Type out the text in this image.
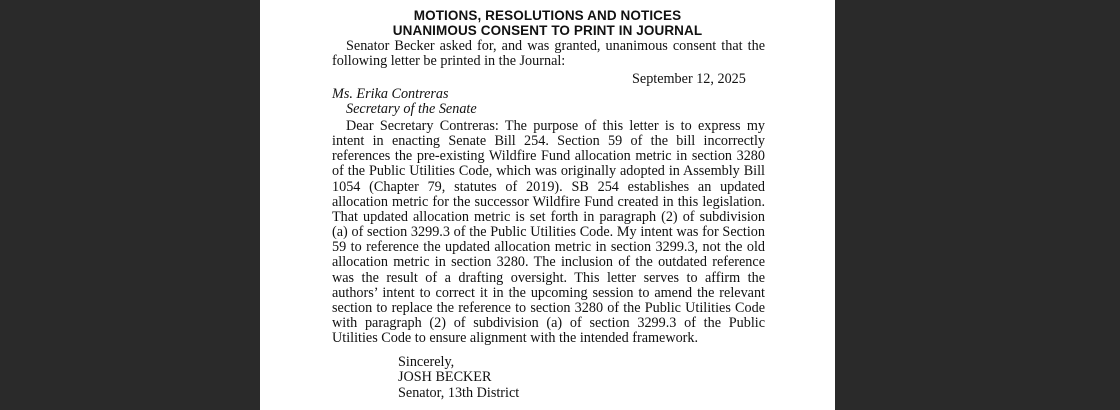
MOTIONS, RESOLUTIONS AND NOTICES
UNANIMOUS CONSENT TO PRINT IN JOURNAL
Senator Becker asked for, and was granted, unanimous consent that the following letter be printed in the Journal:
September 12, 2025
Ms. Erika Contreras
Secretary of the Senate
Dear Secretary Contreras: The purpose of this letter is to express my intent in enacting Senate Bill 254. Section 59 of the bill incorrectly references the pre-existing Wildfire Fund allocation metric in section 3280 of the Public Utilities Code, which was originally adopted in Assembly Bill 1054 (Chapter 79, statutes of 2019). SB 254 establishes an updated allocation metric for the successor Wildfire Fund created in this legislation. That updated allocation metric is set forth in paragraph (2) of subdivision (a) of section 3299.3 of the Public Utilities Code. My intent was for Section 59 to reference the updated allocation metric in section 3299.3, not the old allocation metric in section 3280. The inclusion of the outdated reference was the result of a drafting oversight. This letter serves to affirm the authors’ intent to correct it in the upcoming session to amend the relevant section to replace the reference to section 3280 of the Public Utilities Code with paragraph (2) of subdivision (a) of section 3299.3 of the Public Utilities Code to ensure alignment with the intended framework.
Sincerely,
JOSH BECKER
Senator, 13th District
